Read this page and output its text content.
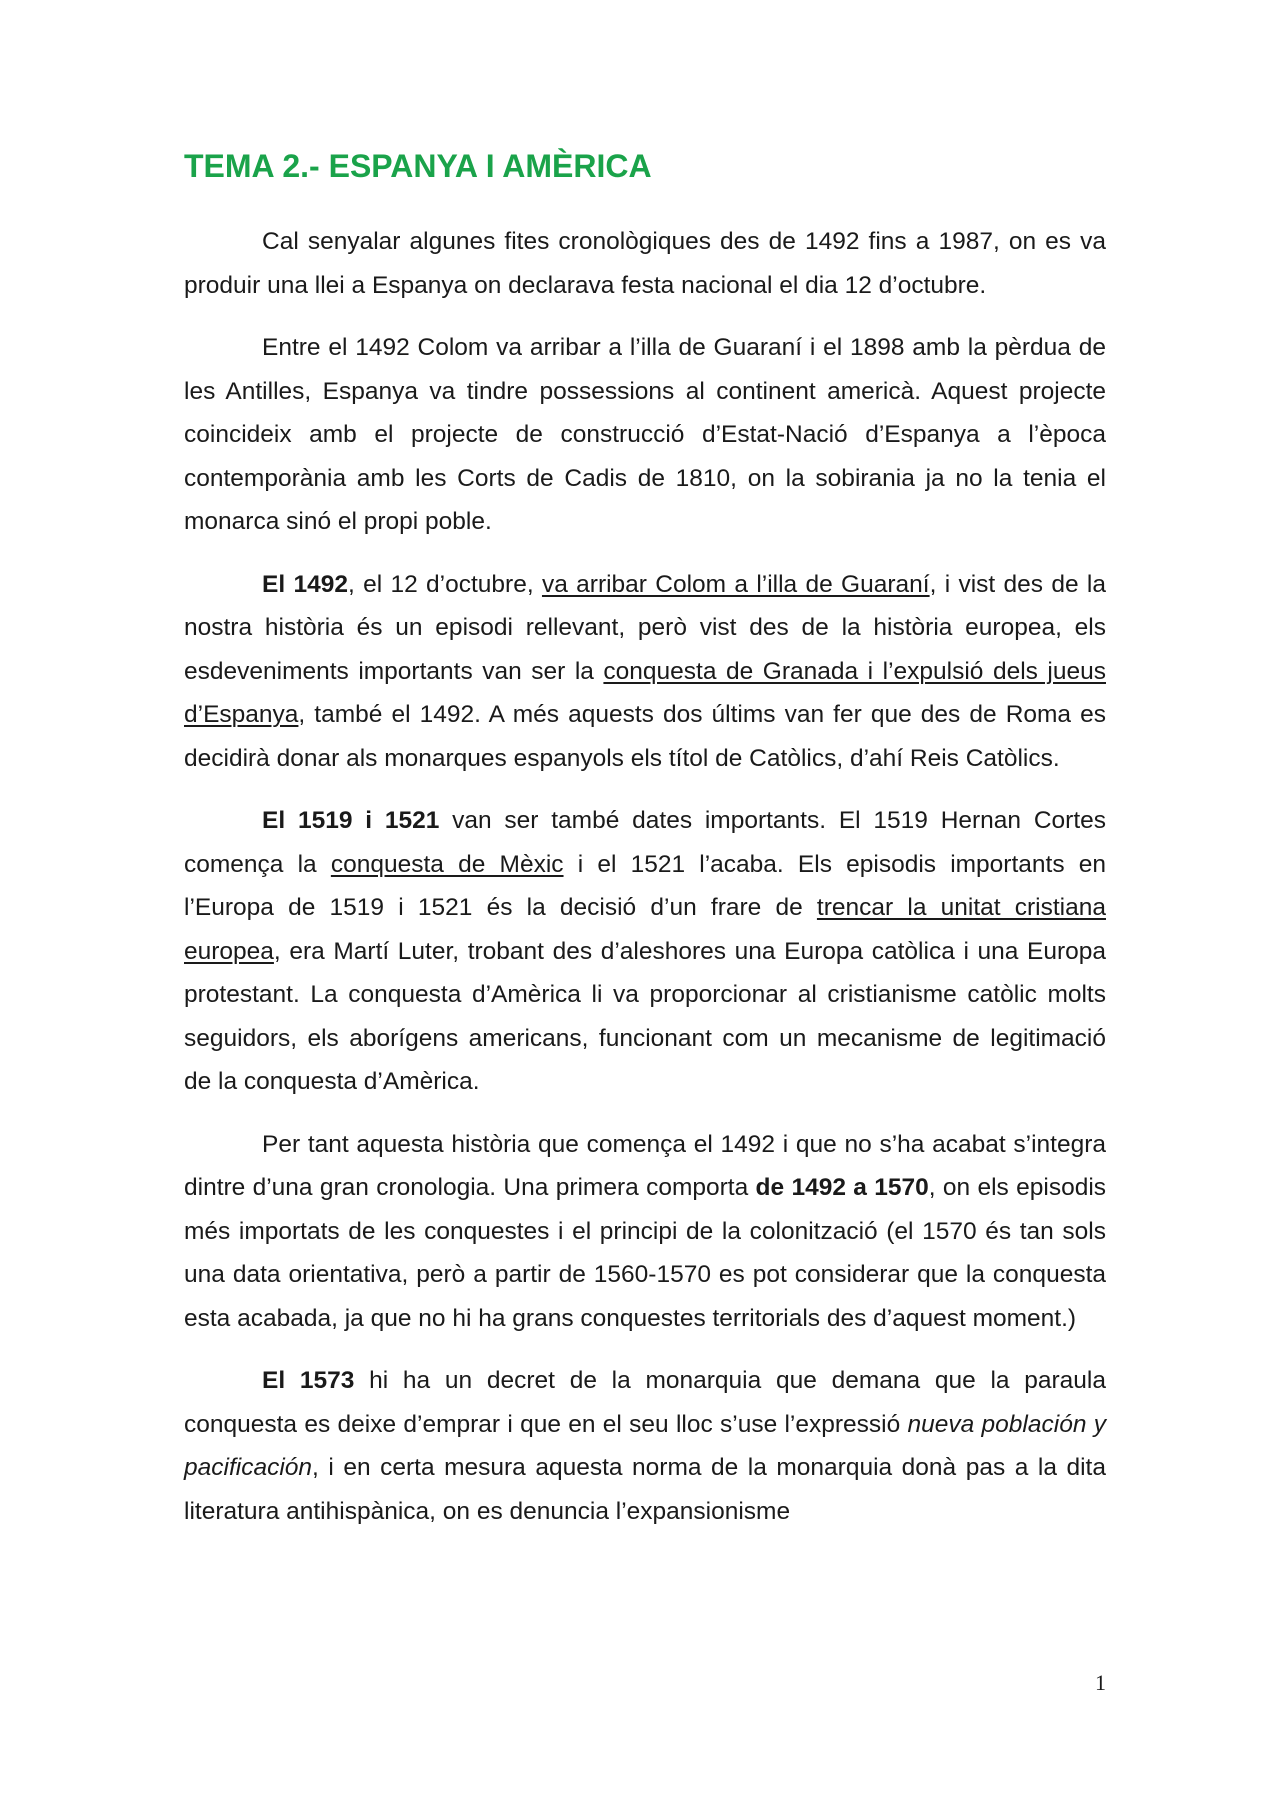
TEMA 2.- ESPANYA I AMÈRICA

Cal senyalar algunes fites cronològiques des de 1492 fins a 1987, on es va produir una llei a Espanya on declarava festa nacional el dia 12 d’octubre.

Entre el 1492 Colom va arribar a l’illa de Guaraní i el 1898 amb la pèrdua de les Antilles, Espanya va tindre possessions al continent americà. Aquest projecte coincideix amb el projecte de construcció d’Estat-Nació d’Espanya a l’època contemporània amb les Corts de Cadis de 1810, on la sobirania ja no la tenia el monarca sinó el propi poble.

El 1492, el 12 d’octubre, va arribar Colom a l’illa de Guaraní, i vist des de la nostra història és un episodi rellevant, però vist des de la història europea, els esdeveniments importants van ser la conquesta de Granada i l’expulsió dels jueus d’Espanya, també el 1492. A més aquests dos últims van fer que des de Roma es decidirà donar als monarques espanyols els títol de Catòlics, d’ahí Reis Catòlics.

El 1519 i 1521 van ser també dates importants. El 1519 Hernan Cortes comença la conquesta de Mèxic i el 1521 l’acaba. Els episodis importants en l’Europa de 1519 i 1521 és la decisió d’un frare de trencar la unitat cristiana europea, era Martí Luter, trobant des d’aleshores una Europa catòlica i una Europa protestant. La conquesta d’Amèrica li va proporcionar al cristianisme catòlic molts seguidors, els aborígens americans, funcionant com un mecanisme de legitimació de la conquesta d’Amèrica.

Per tant aquesta història que comença el 1492 i que no s’ha acabat s’integra dintre d’una gran cronologia. Una primera comporta de 1492 a 1570, on els episodis més importats de les conquestes i el principi de la colonització (el 1570 és tan sols una data orientativa, però a partir de 1560-1570 es pot considerar que la conquesta esta acabada, ja que no hi ha grans conquestes territorials des d’aquest moment.)

El 1573 hi ha un decret de la monarquia que demana que la paraula conquesta es deixe d’emprar i que en el seu lloc s’use l’expressió nueva población y pacificación, i en certa mesura aquesta norma de la monarquia donà pas a la dita literatura antihispànica, on es denuncia l’expansionisme

1
